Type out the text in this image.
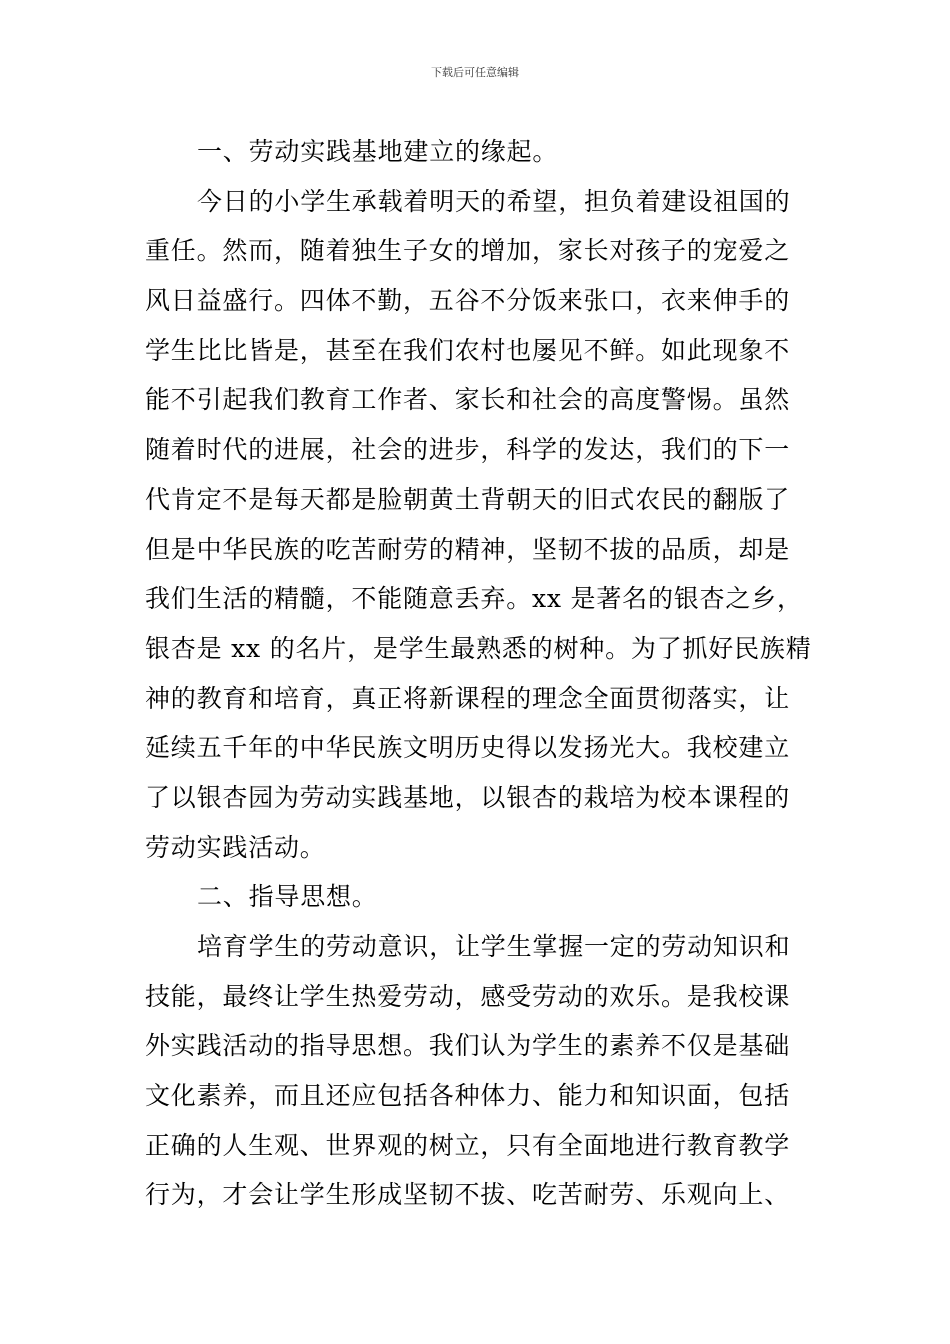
下载后可任意编辑
一、劳动实践基地建立的缘起。
今日的小学生承载着明天的希望，担负着建设祖国的
重任。然而，随着独生子女的增加，家长对孩子的宠爱之
风日益盛行。四体不勤，五谷不分饭来张口，衣来伸手的
学生比比皆是，甚至在我们农村也屡见不鲜。如此现象不
能不引起我们教育工作者、家长和社会的高度警惕。虽然
随着时代的进展，社会的进步，科学的发达，我们的下一
代肯定不是每天都是脸朝黄土背朝天的旧式农民的翻版了
但是中华民族的吃苦耐劳的精神，坚韧不拔的品质，却是
我们生活的精髓，不能随意丢弃。xx 是著名的银杏之乡，
银杏是 xx 的名片，是学生最熟悉的树种。为了抓好民族精
神的教育和培育，真正将新课程的理念全面贯彻落实，让
延续五千年的中华民族文明历史得以发扬光大。我校建立
了以银杏园为劳动实践基地，以银杏的栽培为校本课程的
劳动实践活动。
二、指导思想。
培育学生的劳动意识，让学生掌握一定的劳动知识和
技能，最终让学生热爱劳动，感受劳动的欢乐。是我校课
外实践活动的指导思想。我们认为学生的素养不仅是基础
文化素养，而且还应包括各种体力、能力和知识面，包括
正确的人生观、世界观的树立，只有全面地进行教育教学
行为，才会让学生形成坚韧不拔、吃苦耐劳、乐观向上、
